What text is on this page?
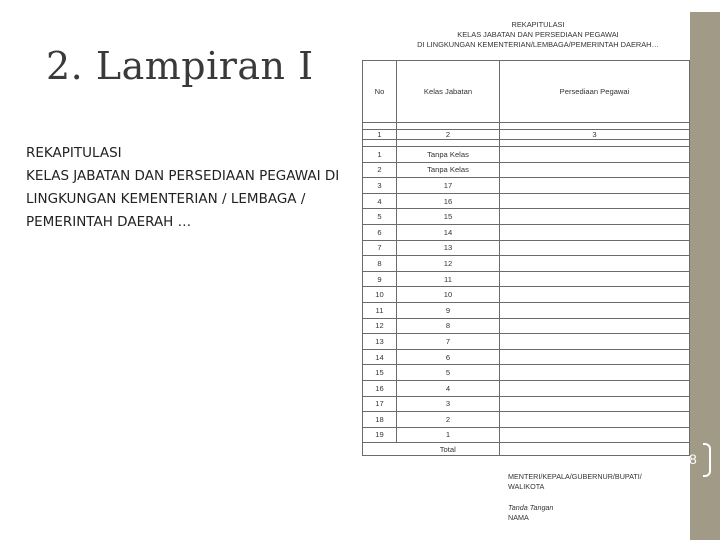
2. Lampiran I
REKAPITULASI
KELAS JABATAN DAN PERSEDIAAN PEGAWAI DI
LINGKUNGAN KEMENTERIAN / LEMBAGA /
PEMERINTAH DAERAH …
REKAPITULASI
KELAS JABATAN DAN PERSEDIAAN PEGAWAI
DI LINGKUNGAN KEMENTERIAN/LEMBAGA/PEMERINTAH DAERAH…
No	Kelas Jabatan	Persediaan Pegawai

1	2	3

1	Tanpa Kelas	
2	Tanpa Kelas	
3	17	
4	16	
5	15	
6	14	
7	13	
8	12	
9	11	
10	10	
11	9	
12	8	
13	7	
14	6	
15	5	
16	4	
17	3	
18	2	
19	1	
	Total	
MENTERI/KEPALA/GUBERNUR/BUPATI/
WALIKOTA
Tanda Tangan
NAMA
8
